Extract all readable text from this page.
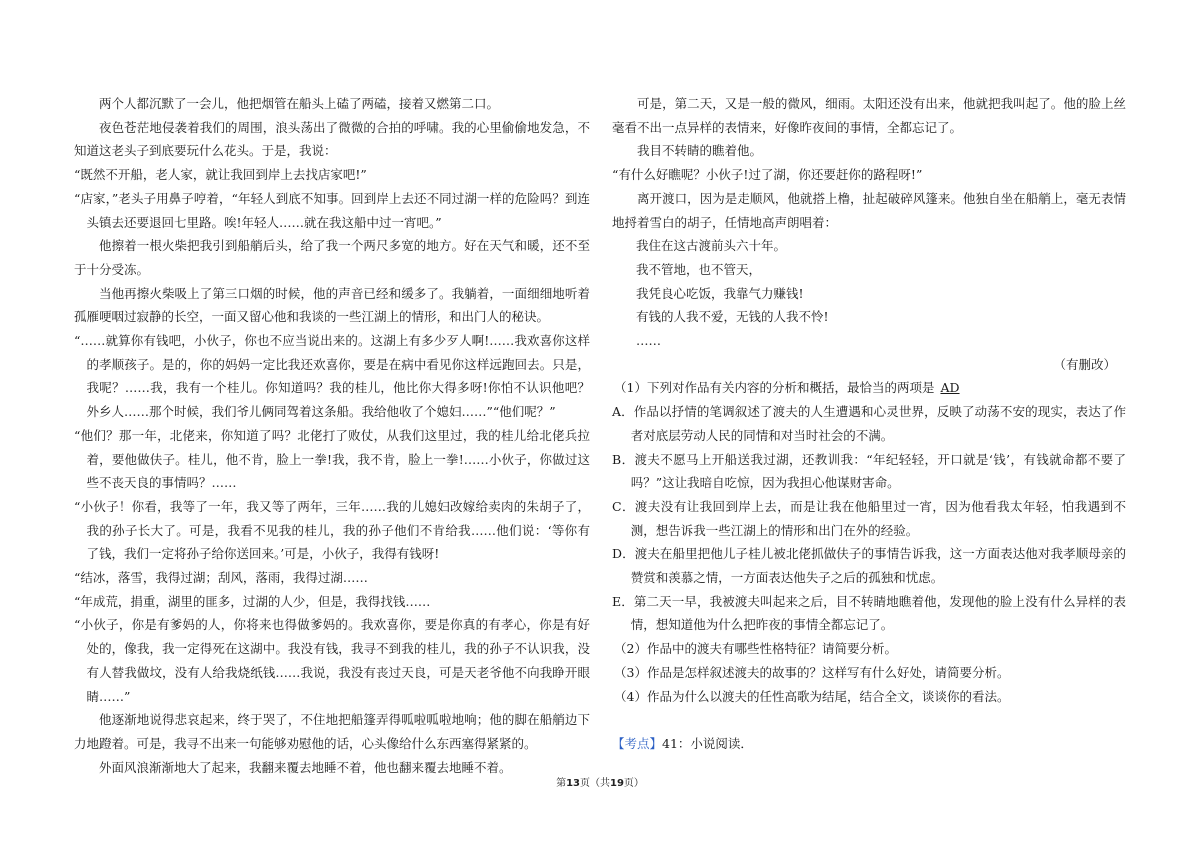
两个人都沉默了一会儿，他把烟管在船头上磕了两磕，接着又燃第二口。

夜色苍茫地侵袭着我们的周围，浪头荡出了微微的合拍的呼啸。我的心里偷偷地发急，不知道这老头子到底要玩什么花头。于是，我说：

“既然不开船，老人家，就让我回到岸上去找店家吧!”

“店家，”老头子用鼻子哼着，“年轻人到底不知事。回到岸上去还不同过湖一样的危险吗？到连头镇去还要退回七里路。唉!年轻人……就在我这船中过一宵吧。”

他擦着一根火柴把我引到船艄后头，给了我一个两尺多宽的地方。好在天气和暖，还不至于十分受冻。

当他再擦火柴吸上了第三口烟的时候，他的声音已经和缓多了。我躺着，一面细细地听着孤雁哽咽过寂静的长空，一面又留心他和我谈的一些江湖上的情形，和出门人的秘诀。

“……就算你有钱吧，小伙子，你也不应当说出来的。这湖上有多少歹人啊!……我欢喜你这样的孝顺孩子。是的，你的妈妈一定比我还欢喜你，要是在病中看见你这样远跑回去。只是，我呢？……我，我有一个桂儿。你知道吗？我的桂儿，他比你大得多呀!你怕不认识他吧？外乡人……那个时候，我们爷儿俩同驾着这条船。我给他收了个媳妇……”“他们呢？”

“他们？那一年，北佬来，你知道了吗？北佬打了败仗，从我们这里过，我的桂儿给北佬兵拉着，要他做伕子。桂儿，他不肯，脸上一拳!我，我不肯，脸上一拳!……小伙子，你做过这些不丧天良的事情吗？……

“小伙子！你看，我等了一年，我又等了两年，三年……我的儿媳妇改嫁给卖肉的朱胡子了，我的孙子长大了。可是，我看不见我的桂儿，我的孙子他们不肯给我……他们说：‘等你有了钱，我们一定将孙子给你送回来。’可是，小伙子，我得有钱呀!

“结冰，落雪，我得过湖；刮风，落雨，我得过湖……

“年成荒，捐重，湖里的匪多，过湖的人少，但是，我得找钱……

“小伙子，你是有爹妈的人，你将来也得做爹妈的。我欢喜你，要是你真的有孝心，你是有好处的，像我，我一定得死在这湖中。我没有钱，我寻不到我的桂儿，我的孙子不认识我，没有人替我做坟，没有人给我烧纸钱……我说，我没有丧过天良，可是天老爷他不向我睁开眼睛……”

他逐渐地说得悲哀起来，终于哭了，不住地把船篷弄得呱啦呱啦地响；他的脚在船艄边下力地蹬着。可是，我寻不出来一句能够劝慰他的话，心头像给什么东西塞得紧紧的。

外面风浪渐渐地大了起来，我翻来覆去地睡不着，他也翻来覆去地睡不着。

可是，第二天，又是一般的微风，细雨。太阳还没有出来，他就把我叫起了。他的脸上丝毫看不出一点异样的表情来，好像昨夜间的事情，全都忘记了。

我目不转睛的瞧着他。

“有什么好瞧呢？小伙子!过了湖，你还要赶你的路程呀!”

离开渡口，因为是走顺风，他就搭上橹，扯起破碎风篷来。他独自坐在船艄上，毫无表情地捋着雪白的胡子，任情地高声朗唱着：

我住在这古渡前头六十年。

我不管地，也不管天，

我凭良心吃饭，我靠气力赚钱!

有钱的人我不爱，无钱的人我不怜!

……

（有删改）

（1）下列对作品有关内容的分析和概括，最恰当的两项是 AD

A．作品以抒情的笔调叙述了渡夫的人生遭遇和心灵世界，反映了动荡不安的现实，表达了作者对底层劳动人民的同情和对当时社会的不满。

B．渡夫不愿马上开船送我过湖，还教训我：“年纪轻轻，开口就是‘钱’，有钱就命都不要了吗？”这让我暗自吃惊，因为我担心他谋财害命。

C．渡夫没有让我回到岸上去，而是让我在他船里过一宵，因为他看我太年轻，怕我遇到不测，想告诉我一些江湖上的情形和出门在外的经验。

D．渡夫在船里把他儿子桂儿被北佬抓做伕子的事情告诉我，这一方面表达他对我孝顺母亲的赞赏和羡慕之情，一方面表达他失子之后的孤独和忧虑。

E．第二天一早，我被渡夫叫起来之后，目不转睛地瞧着他，发现他的脸上没有什么异样的表情，想知道他为什么把昨夜的事情全都忘记了。

（2）作品中的渡夫有哪些性格特征？请简要分析。

（3）作品是怎样叙述渡夫的故事的？这样写有什么好处，请简要分析。

（4）作品为什么以渡夫的任性高歌为结尾，结合全文，谈谈你的看法。

【考点】41：小说阅读．

第13页（共19页）
